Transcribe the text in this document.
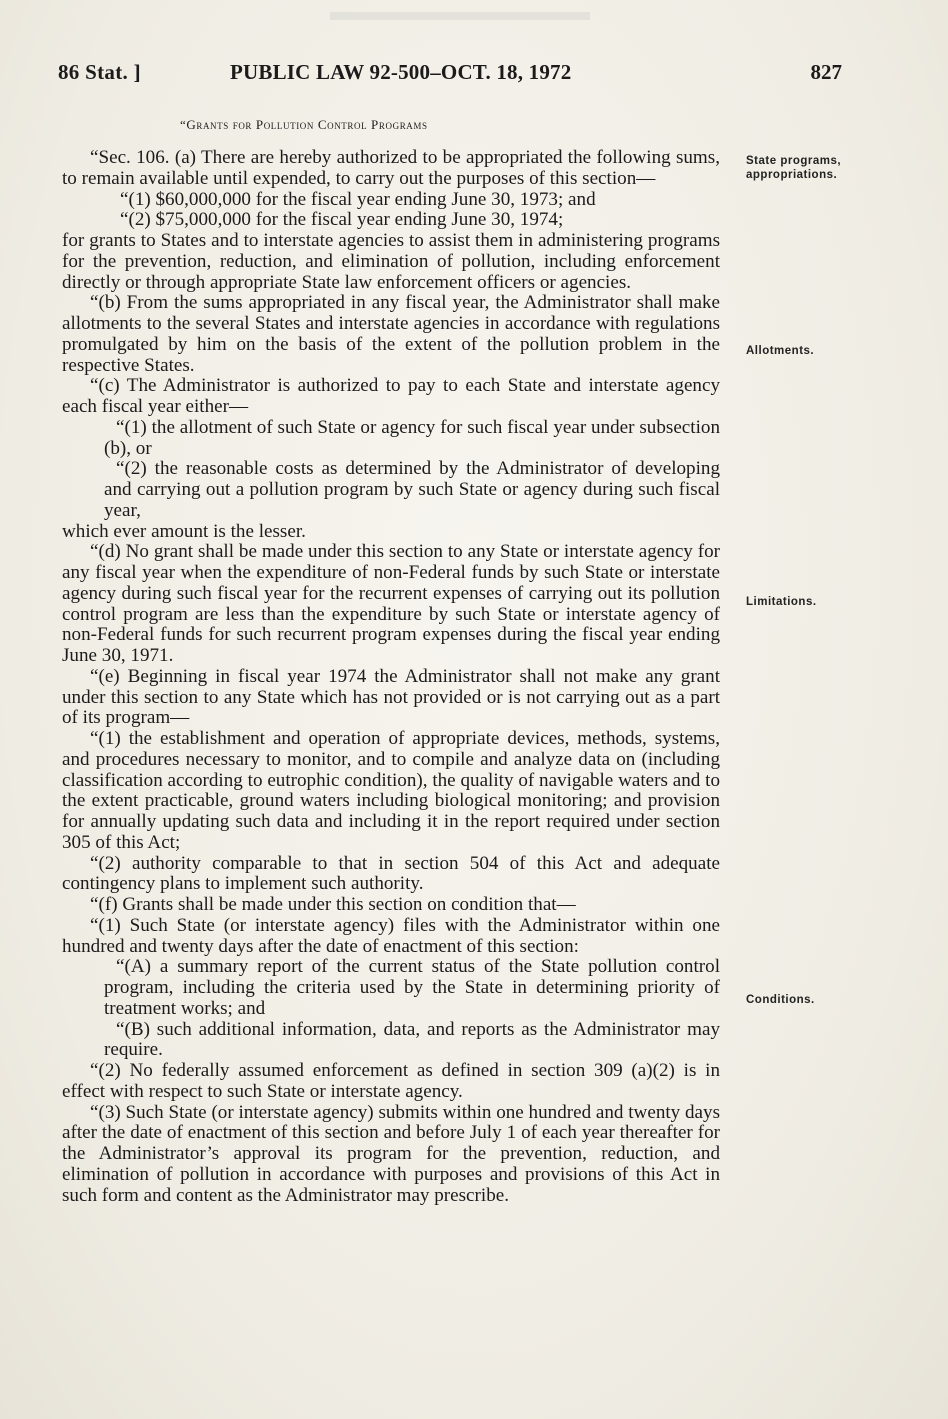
86 Stat. ]	PUBLIC LAW 92-500–OCT. 18, 1972	827
“Grants for Pollution Control Programs

“Sec. 106. (a) There are hereby authorized to be appropriated the following sums, to remain available until expended, to carry out the purposes of this section—

“(1) $60,000,000 for the fiscal year ending June 30, 1973; and

“(2) $75,000,000 for the fiscal year ending June 30, 1974;

for grants to States and to interstate agencies to assist them in administering programs for the prevention, reduction, and elimination of pollution, including enforcement directly or through appropriate State law enforcement officers or agencies.

“(b) From the sums appropriated in any fiscal year, the Administrator shall make allotments to the several States and interstate agencies in accordance with regulations promulgated by him on the basis of the extent of the pollution problem in the respective States.

“(c) The Administrator is authorized to pay to each State and interstate agency each fiscal year either—

“(1) the allotment of such State or agency for such fiscal year under subsection (b), or

“(2) the reasonable costs as determined by the Administrator of developing and carrying out a pollution program by such State or agency during such fiscal year,

which ever amount is the lesser.

“(d) No grant shall be made under this section to any State or interstate agency for any fiscal year when the expenditure of non-Federal funds by such State or interstate agency during such fiscal year for the recurrent expenses of carrying out its pollution control program are less than the expenditure by such State or interstate agency of non-Federal funds for such recurrent program expenses during the fiscal year ending June 30, 1971.

“(e) Beginning in fiscal year 1974 the Administrator shall not make any grant under this section to any State which has not provided or is not carrying out as a part of its program—

“(1) the establishment and operation of appropriate devices, methods, systems, and procedures necessary to monitor, and to compile and analyze data on (including classification according to eutrophic condition), the quality of navigable waters and to the extent practicable, ground waters including biological monitoring; and provision for annually updating such data and including it in the report required under section 305 of this Act;

“(2) authority comparable to that in section 504 of this Act and adequate contingency plans to implement such authority.

“(f) Grants shall be made under this section on condition that—

“(1) Such State (or interstate agency) files with the Administrator within one hundred and twenty days after the date of enactment of this section:

“(A) a summary report of the current status of the State pollution control program, including the criteria used by the State in determining priority of treatment works; and

“(B) such additional information, data, and reports as the Administrator may require.

“(2) No federally assumed enforcement as defined in section 309 (a)(2) is in effect with respect to such State or interstate agency.

“(3) Such State (or interstate agency) submits within one hundred and twenty days after the date of enactment of this section and before July 1 of each year thereafter for the Administrator’s approval its program for the prevention, reduction, and elimination of pollution in accordance with purposes and provisions of this Act in such form and content as the Administrator may prescribe.

State programs,
appropriations.
Allotments.
Limitations.
Conditions.
